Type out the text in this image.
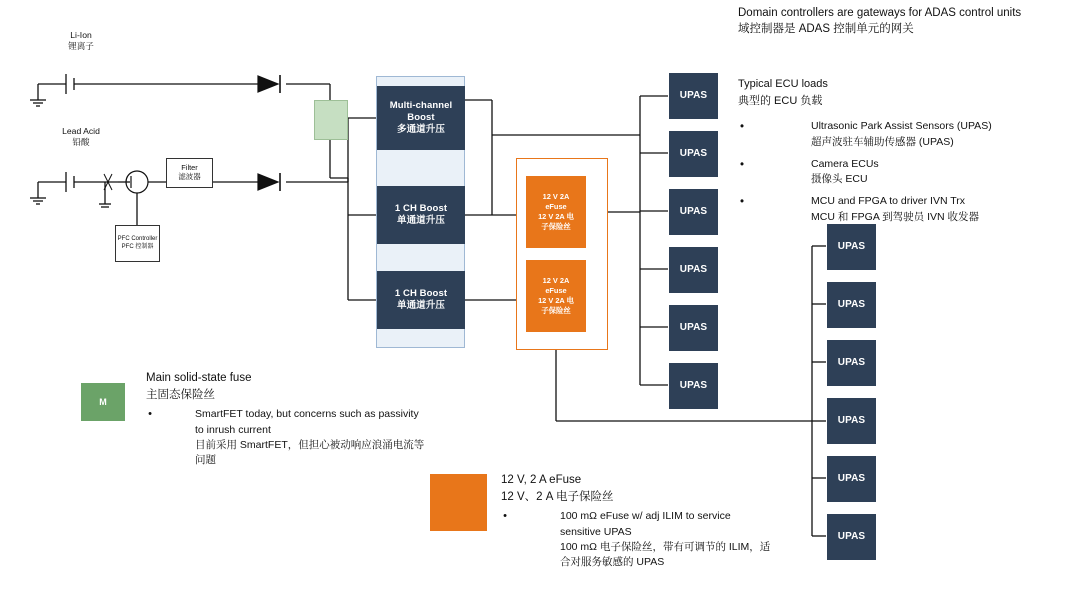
Li-Ion
锂离子
Lead Acid
铅酸
Filter
滤波器
PFC Controller
PFC 控制器
Multi-channel
Boost
多通道升压
1 CH Boost
单通道升压
1 CH Boost
单通道升压
12 V 2A
eFuse
12 V 2A 电
子保险丝
12 V 2A
eFuse
12 V 2A 电
子保险丝
UPAS
UPAS
UPAS
UPAS
UPAS
UPAS
UPAS
UPAS
UPAS
UPAS
UPAS
UPAS
M
Main solid-state fuse
主固态保险丝
•	SmartFET today, but concerns such as passivity to inrush current
目前采用 SmartFET，但担心被动响应浪涌电流等问题
12 V, 2 A eFuse
12 V、2 A 电子保险丝
•	100 mΩ eFuse w/ adj ILIM to service sensitive UPAS
100 mΩ 电子保险丝，带有可调节的 ILIM，适合对服务敏感的 UPAS
Domain controllers are gateways for ADAS control units
域控制器是 ADAS 控制单元的网关
Typical ECU loads
典型的 ECU 负载
•	Ultrasonic Park Assist Sensors (UPAS)
超声波驻车辅助传感器 (UPAS)
•	Camera ECUs
摄像头 ECU
•	MCU and FPGA to driver IVN Trx
MCU 和 FPGA 到驾驶员 IVN 收发器
